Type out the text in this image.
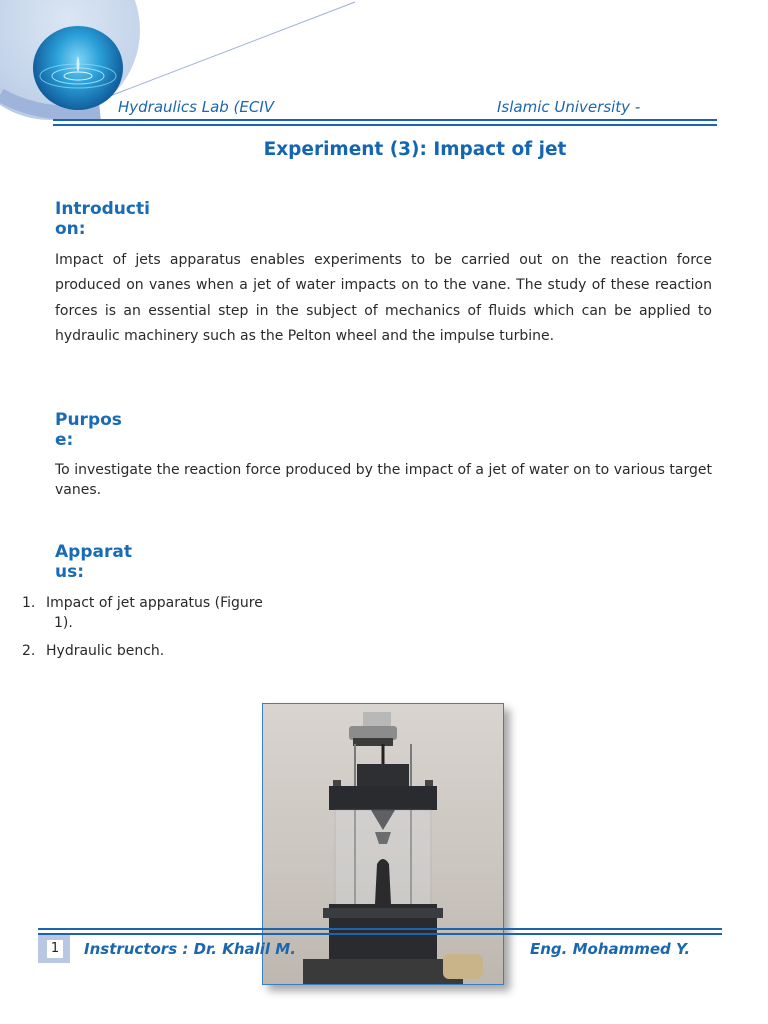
Hydraulics Lab (ECIV	Islamic University -
Experiment (3): Impact of jet
Introducti
on:
Impact of jets apparatus enables experiments to be carried out on the reaction force produced on vanes when a jet of water impacts on to the vane. The study of these reaction forces is an essential step in the subject of mechanics of fluids which can be applied to hydraulic machinery such as the Pelton wheel and the impulse turbine.
Purpos
e:
To investigate the reaction force produced by the impact of a jet of water on to various target vanes.
Apparat
us:
1. Impact of jet apparatus (Figure
1).
2. Hydraulic bench.
1 Instructors : Dr. Khalil M.	Eng. Mohammed Y.
